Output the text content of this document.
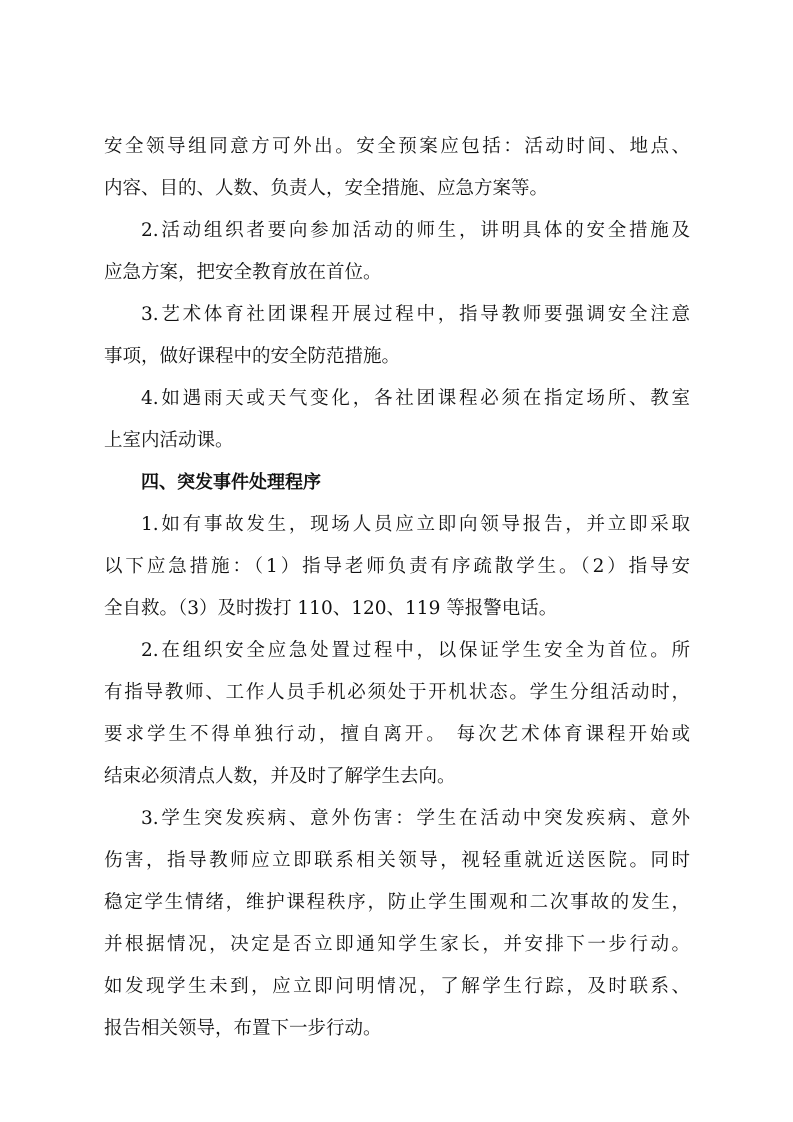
安全领导组同意方可外出。安全预案应包括：活动时间、地点、
内容、目的、人数、负责人，安全措施、应急方案等。
2.活动组织者要向参加活动的师生，讲明具体的安全措施及
应急方案，把安全教育放在首位。
3.艺术体育社团课程开展过程中，指导教师要强调安全注意
事项，做好课程中的安全防范措施。
4.如遇雨天或天气变化，各社团课程必须在指定场所、教室
上室内活动课。
四、突发事件处理程序
1.如有事故发生，现场人员应立即向领导报告，并立即采取
以下应急措施：（1）指导老师负责有序疏散学生。（2）指导安
全自救。（3）及时拨打 110、120、119 等报警电话。
2.在组织安全应急处置过程中，以保证学生安全为首位。所
有指导教师、工作人员手机必须处于开机状态。学生分组活动时，
要求学生不得单独行动，擅自离开。 每次艺术体育课程开始或
结束必须清点人数，并及时了解学生去向。
3.学生突发疾病、意外伤害：学生在活动中突发疾病、意外
伤害，指导教师应立即联系相关领导，视轻重就近送医院。同时
稳定学生情绪，维护课程秩序，防止学生围观和二次事故的发生，
并根据情况，决定是否立即通知学生家长，并安排下一步行动。
如发现学生未到，应立即问明情况，了解学生行踪，及时联系、
报告相关领导，布置下一步行动。
